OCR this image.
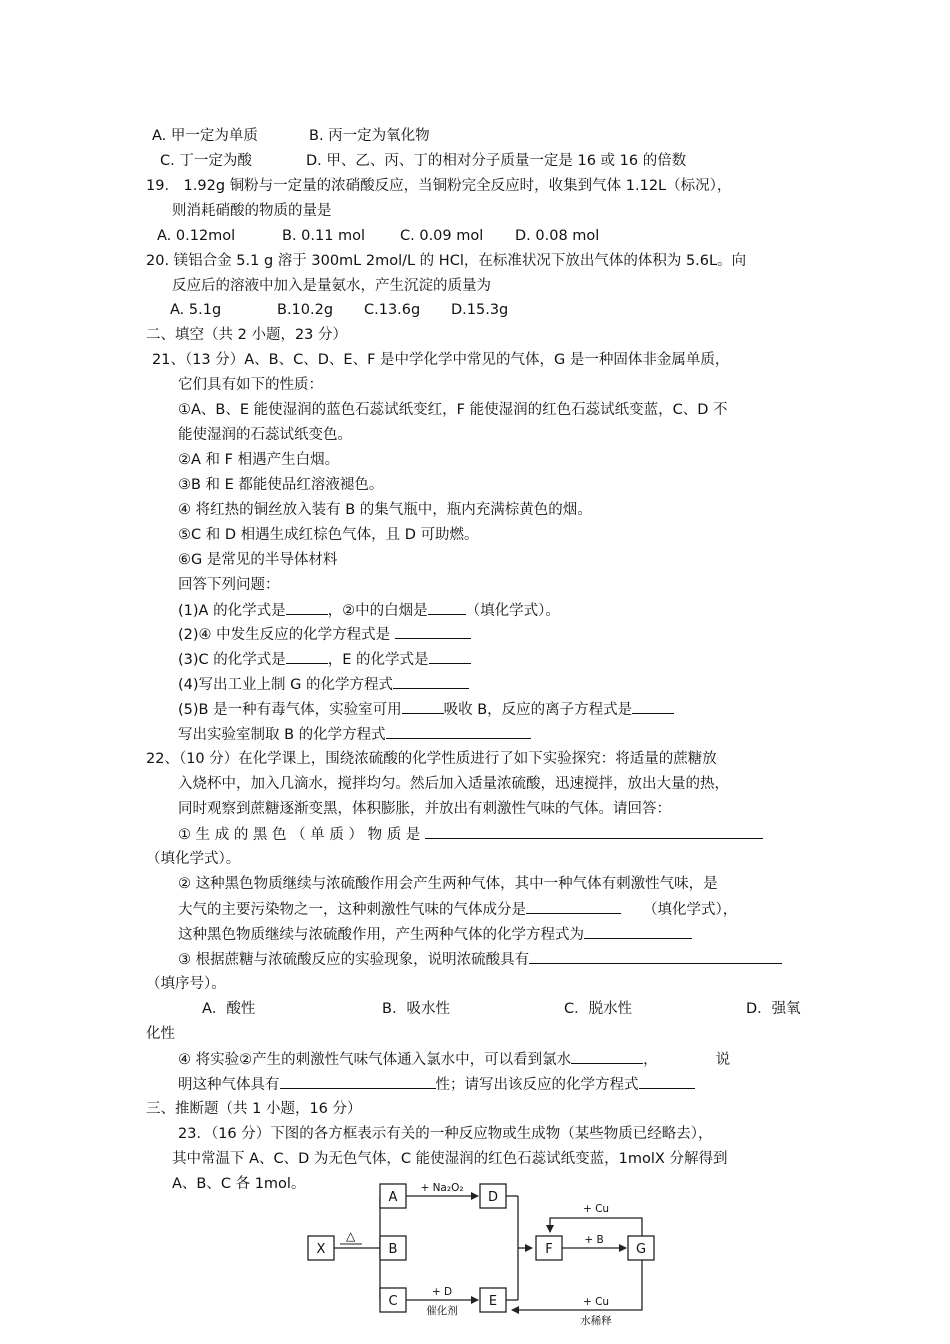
A. 甲一定为单质	B. 丙一定为氧化物
C. 丁一定为酸	D. 甲、乙、丙、丁的相对分子质量一定是 16 或 16 的倍数
19． 1.92g 铜粉与一定量的浓硝酸反应，当铜粉完全反应时，收集到气体 1.12L（标况），
则消耗硝酸的物质的量是
A. 0.12mol	B. 0.11 mol C. 0.09 mol D. 0.08 mol
20. 镁铝合金 5.1 g 溶于 300mL 2mol/L 的 HCl，在标准状况下放出气体的体积为 5.6L。向
反应后的溶液中加入是量氨水，产生沉淀的质量为
A. 5.1g	B.10.2g C.13.6g D.15.3g
二、填空（共 2 小题，23 分）
21、（13 分）A、B、C、D、E、F 是中学化学中常见的气体，G 是一种固体非金属单质，
它们具有如下的性质：
①A、B、E 能使湿润的蓝色石蕊试纸变红，F 能使湿润的红色石蕊试纸变蓝，C、D 不
能使湿润的石蕊试纸变色。
②A 和 F 相遇产生白烟。
③B 和 E 都能使品红溶液褪色。
④ 将红热的铜丝放入装有 B 的集气瓶中，瓶内充满棕黄色的烟。
⑤C 和 D 相遇生成红棕色气体，且 D 可助燃。
⑥G 是常见的半导体材料
回答下列问题：
(1)A 的化学式是	，②中的白烟是	（填化学式）。
(2)④ 中发生反应的化学方程式是
(3)C 的化学式是	，E 的化学式是
(4)写出工业上制 G 的化学方程式
(5)B 是一种有毒气体，实验室可用	吸收 B，反应的离子方程式是
写出实验室制取 B 的化学方程式
22、（10 分）在化学课上，围绕浓硫酸的化学性质进行了如下实验探究：将适量的蔗糖放
入烧杯中，加入几滴水，搅拌均匀。然后加入适量浓硫酸，迅速搅拌，放出大量的热，
同时观察到蔗糖逐渐变黑，体积膨胀，并放出有刺激性气味的气体。请回答：
① 生 成 的 黑 色 （ 单 质 ） 物 质 是
（填化学式）。
② 这种黑色物质继续与浓硫酸作用会产生两种气体，其中一种气体有刺激性气味，是
大气的主要污染物之一，这种刺激性气味的气体成分是	（填化学式），
这种黑色物质继续与浓硫酸作用，产生两种气体的化学方程式为
③ 根据蔗糖与浓硫酸反应的实验现象，说明浓硫酸具有
（填序号）。
A．酸性	B．吸水性	C．脱水性	D．强氧
化性
④ 将实验②产生的刺激性气味气体通入氯水中，可以看到氯水	，	说
明这种气体具有	性；请写出该反应的化学方程式
三、推断题（共 1 小题，16 分）
23．（16 分）下图的各方框表示有关的一种反应物或生成物（某些物质已经略去），
其中常温下 A、C、D 为无色气体，C 能使湿润的红色石蕊试纸变蓝，1molX 分解得到
A、B、C 各 1mol。
△
X
A
B
C
D
E
F	G
+ Na₂O₂
+ D
催化剂
+ Cu
+ B
+ Cu
水稀释
